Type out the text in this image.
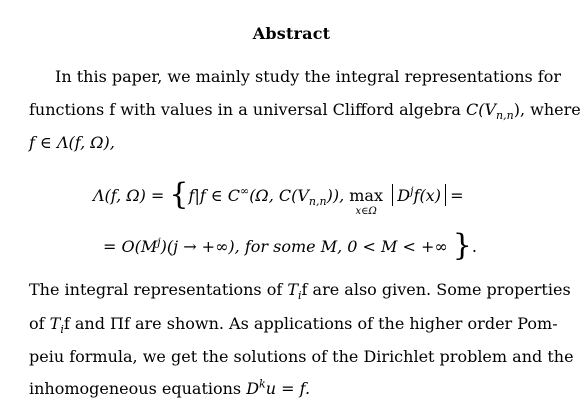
Abstract
In this paper, we mainly study the integral representations for
functions f with values in a universal Clifford algebra $C(V_{n,n})$, where
f ∈ Λ(f, Ω),
Λ(f, Ω) = {f|f ∈ C∞(Ω, $C(V_{n,n})$), max
x∈Ω
$D^jf(x)$ =
= $O(M^j)(j$ → +∞), for some M, 0 < M < +∞ }.
The integral representations of $T_if$ are also given. Some properties
of $T_if$ and Πf are shown. As applications of the higher order Pom-
peiu formula, we get the solutions of the Dirichlet problem and the
inhomogeneous equations $D^ku = f$.
